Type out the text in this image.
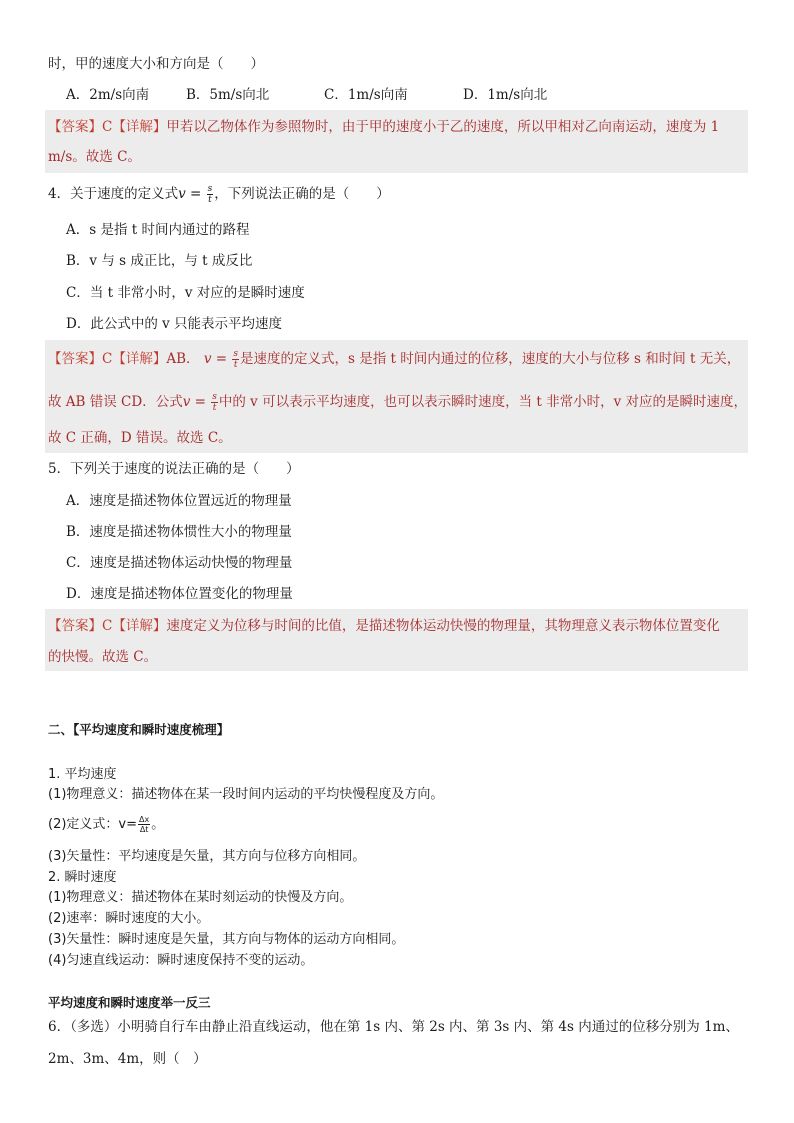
时，甲的速度大小和方向是（　　）
A．2m/s向南	B．5m/s向北	C．1m/s向南	D．1m/s向北
【答案】C【详解】甲若以乙物体作为参照物时，由于甲的速度小于乙的速度，所以甲相对乙向南运动，速度为 1
m/s。故选 C。
4．关于速度的定义式$v = \frac{s}{t}$ ，下列说法正确的是（　　）
A．s 是指 t 时间内通过的路程
B．v 与 s 成正比，与 t 成反比
C．当 t 非常小时，v 对应的是瞬时速度
D．此公式中的 v 只能表示平均速度
【答案】C【详解】AB． $v = \frac{s}{t}$ 是速度的定义式，s 是指 t 时间内通过的位移，速度的大小与位移 s 和时间 t 无关，
故 AB 错误 CD．公式$v = \frac{s}{t}$ 中的 v 可以表示平均速度，也可以表示瞬时速度，当 t 非常小时，v 对应的是瞬时速度，
故 C 正确，D 错误。故选 C。
5．下列关于速度的说法正确的是（　　）
A．速度是描述物体位置远近的物理量
B．速度是描述物体惯性大小的物理量
C．速度是描述物体运动快慢的物理量
D．速度是描述物体位置变化的物理量
【答案】C【详解】速度定义为位移与时间的比值，是描述物体运动快慢的物理量，其物理意义表示物体位置变化
的快慢。故选 C。
二、【平均速度和瞬时速度梳理】
1. 平均速度
(1)物理意义：描述物体在某一段时间内运动的平均快慢程度及方向。
(2)定义式：$v= \frac{\Delta x}{\Delta t}$ 。
(3)矢量性：平均速度是矢量，其方向与位移方向相同。
2. 瞬时速度
(1)物理意义：描述物体在某时刻运动的快慢及方向。
(2)速率：瞬时速度的大小。
(3)矢量性：瞬时速度是矢量，其方向与物体的运动方向相同。
(4)匀速直线运动：瞬时速度保持不变的运动。
平均速度和瞬时速度举一反三
6．（多选）小明骑自行车由静止沿直线运动，他在第 1s 内、第 2s 内、第 3s 内、第 4s 内通过的位移分别为 1m、
2m、3m、4m，则（　）
